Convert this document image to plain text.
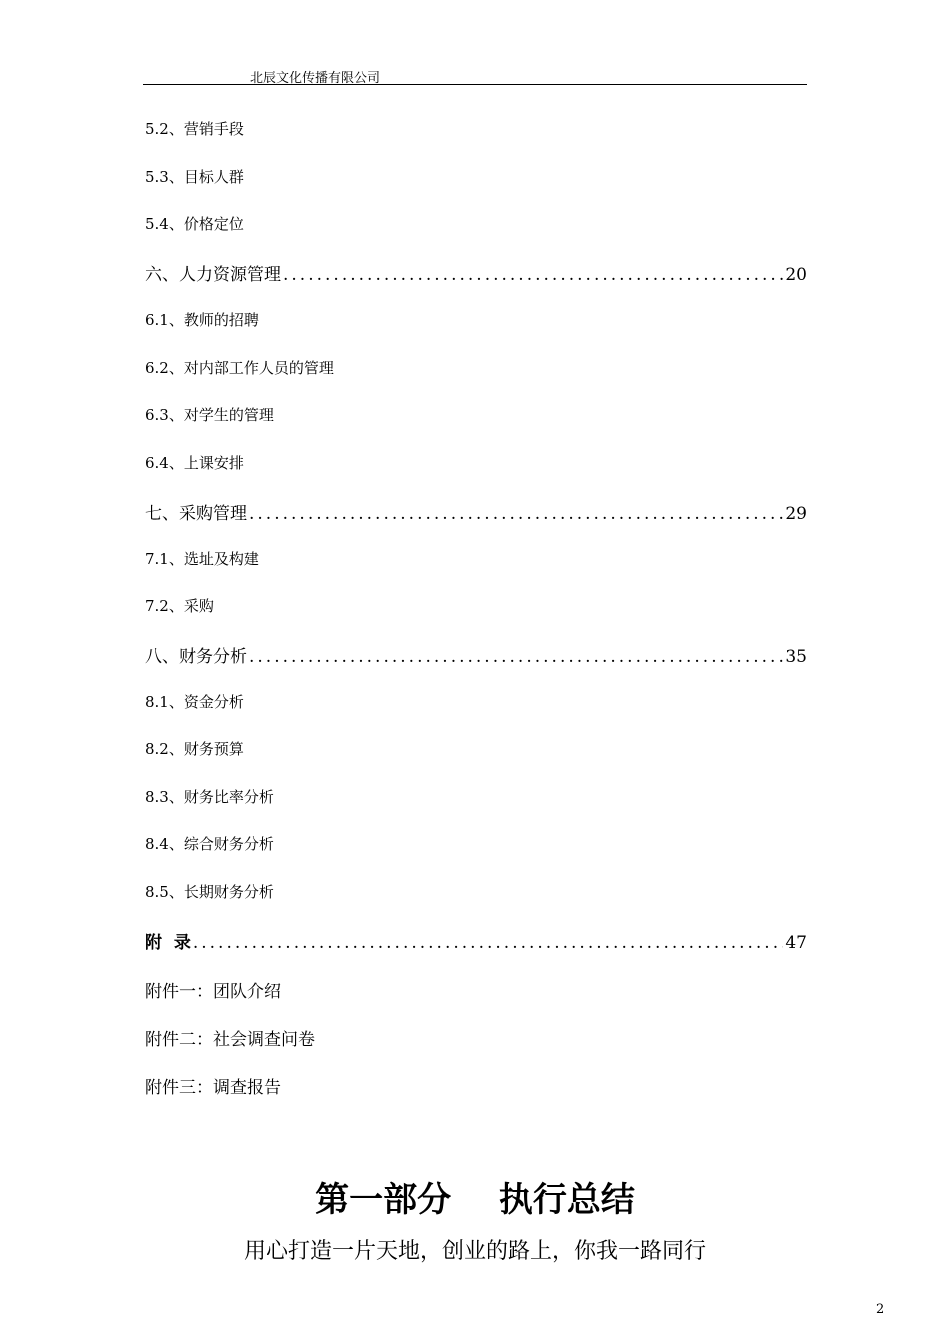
北辰文化传播有限公司
5.2、营销手段
5.3、目标人群
5.4、价格定位
六、人力资源管理 .....	20
6.1、教师的招聘
6.2、对内部工作人员的管理
6.3、对学生的管理
6.4、上课安排
七、采购管理 .....	29
7.1、选址及构建
7.2、采购
八、财务分析 .....	35
8.1、资金分析
8.2、财务预算
8.3、财务比率分析
8.4、综合财务分析
8.5、长期财务分析
附  录 .....	47
附件一：团队介绍
附件二：社会调查问卷
附件三：调查报告
第一部分  执行总结
用心打造一片天地，创业的路上，你我一路同行
2
